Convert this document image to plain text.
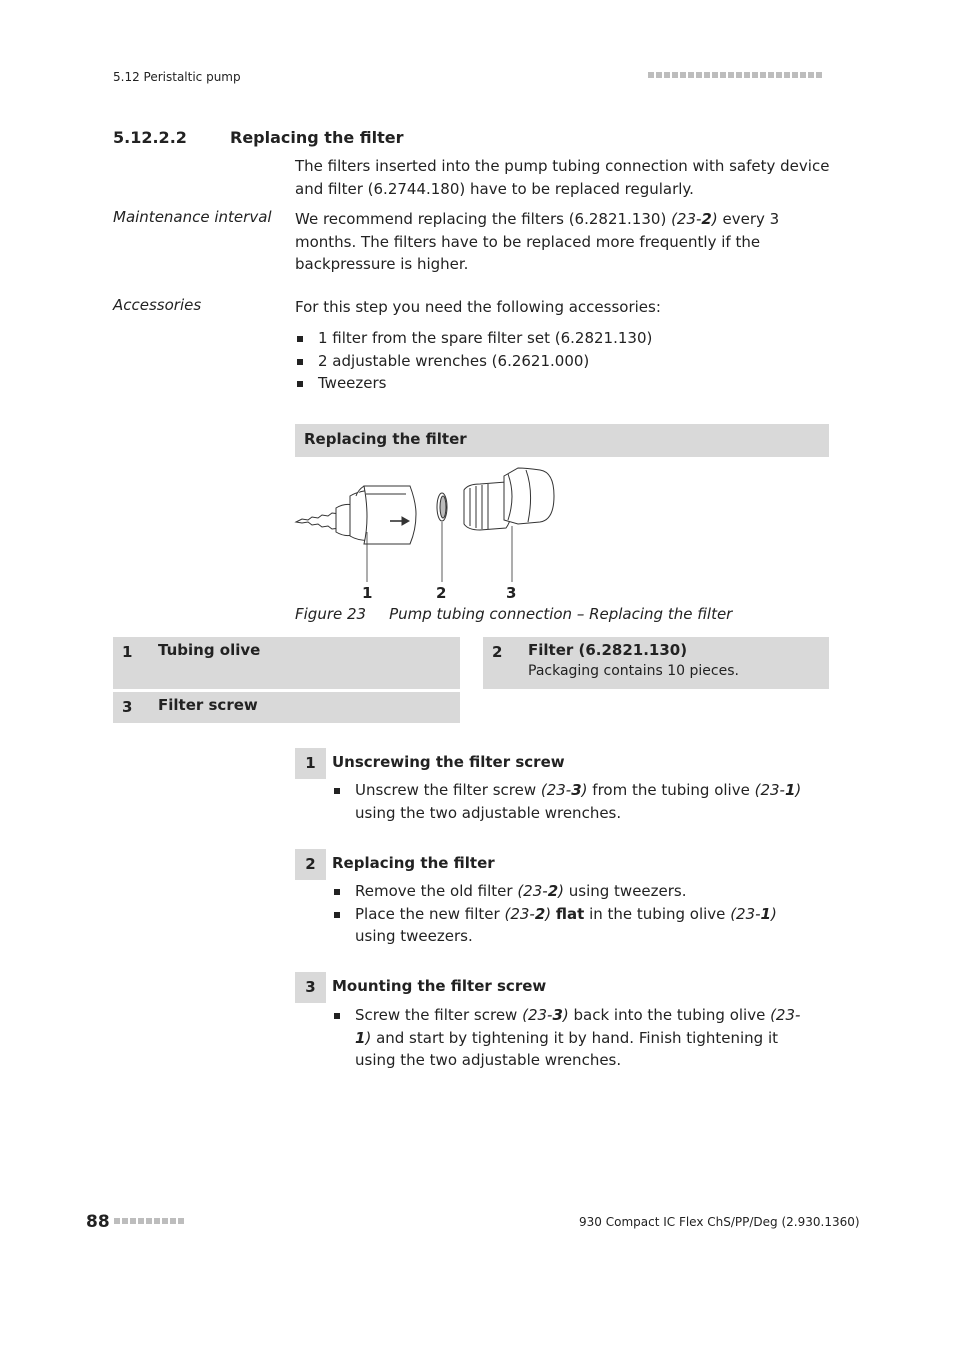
5.12 Peristaltic pump
5.12.2.2	Replacing the filter
The filters inserted into the pump tubing connection with safety device and filter (6.2744.180) have to be replaced regularly.
Maintenance interval We recommend replacing the filters (6.2821.130) (23-2) every 3 months. The filters have to be replaced more frequently if the backpressure is higher.
Accessories	For this step you need the following accessories:
1 filter from the spare filter set (6.2821.130)
2 adjustable wrenches (6.2621.000)
Tweezers
Replacing the filter
1	2	3
Figure 23 Pump tubing connection – Replacing the filter
1 Tubing olive	2 Filter (6.2821.130)
Packaging contains 10 pieces.
3 Filter screw
1	Unscrewing the filter screw
Unscrew the filter screw (23-3) from the tubing olive (23-1) using the two adjustable wrenches.
2	Replacing the filter
Remove the old filter (23-2) using tweezers.
Place the new filter (23-2) flat in the tubing olive (23-1) using tweezers.
3	Mounting the filter screw
Screw the filter screw (23-3) back into the tubing olive (23-1) and start by tightening it by hand. Finish tightening it using the two adjustable wrenches.
88	930 Compact IC Flex ChS/PP/Deg (2.930.1360)
